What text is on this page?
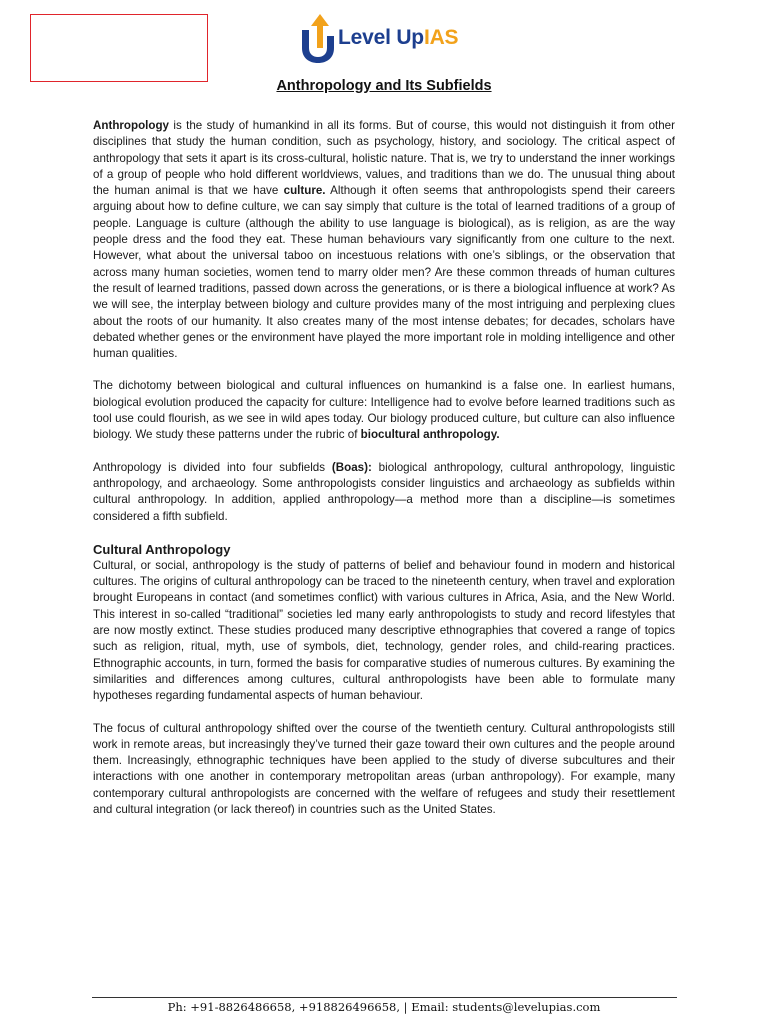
Level UpIAS
Anthropology and Its Subfields

Anthropology is the study of humankind in all its forms. But of course, this would not distinguish it from other disciplines that study the human condition, such as psychology, history, and sociology. The critical aspect of anthropology that sets it apart is its cross-cultural, holistic nature. That is, we try to understand the inner workings of a group of people who hold different worldviews, values, and traditions than we do. The unusual thing about the human animal is that we have culture. Although it often seems that anthropologists spend their careers arguing about how to define culture, we can say simply that culture is the total of learned traditions of a group of people. Language is culture (although the ability to use language is biological), as is religion, as are the way people dress and the food they eat. These human behaviours vary significantly from one culture to the next. However, what about the universal taboo on incestuous relations with one’s siblings, or the observation that across many human societies, women tend to marry older men? Are these common threads of human cultures the result of learned traditions, passed down across the generations, or is there a biological influence at work? As we will see, the interplay between biology and culture provides many of the most intriguing and perplexing clues about the roots of our humanity. It also creates many of the most intense debates; for decades, scholars have debated whether genes or the environment have played the more important role in molding intelligence and other human qualities.

The dichotomy between biological and cultural influences on humankind is a false one. In earliest humans, biological evolution produced the capacity for culture: Intelligence had to evolve before learned traditions such as tool use could flourish, as we see in wild apes today. Our biology produced culture, but culture can also influence biology. We study these patterns under the rubric of biocultural anthropology.

Anthropology is divided into four subfields (Boas): biological anthropology, cultural anthropology, linguistic anthropology, and archaeology. Some anthropologists consider linguistics and archaeology as subfields within cultural anthropology. In addition, applied anthropology—a method more than a discipline—is sometimes considered a fifth subfield.

Cultural Anthropology

Cultural, or social, anthropology is the study of patterns of belief and behaviour found in modern and historical cultures. The origins of cultural anthropology can be traced to the nineteenth century, when travel and exploration brought Europeans in contact (and sometimes conflict) with various cultures in Africa, Asia, and the New World. This interest in so-called “traditional” societies led many early anthropologists to study and record lifestyles that are now mostly extinct. These studies produced many descriptive ethnographies that covered a range of topics such as religion, ritual, myth, use of symbols, diet, technology, gender roles, and child-rearing practices. Ethnographic accounts, in turn, formed the basis for comparative studies of numerous cultures. By examining the similarities and differences among cultures, cultural anthropologists have been able to formulate many hypotheses regarding fundamental aspects of human behaviour.

The focus of cultural anthropology shifted over the course of the twentieth century. Cultural anthropologists still work in remote areas, but increasingly they’ve turned their gaze toward their own cultures and the people around them. Increasingly, ethnographic techniques have been applied to the study of diverse subcultures and their interactions with one another in contemporary metropolitan areas (urban anthropology). For example, many contemporary cultural anthropologists are concerned with the welfare of refugees and study their resettlement and cultural integration (or lack thereof) in countries such as the United States.

Ph: +91-8826486658, +918826496658, | Email: students@levelupias.com
